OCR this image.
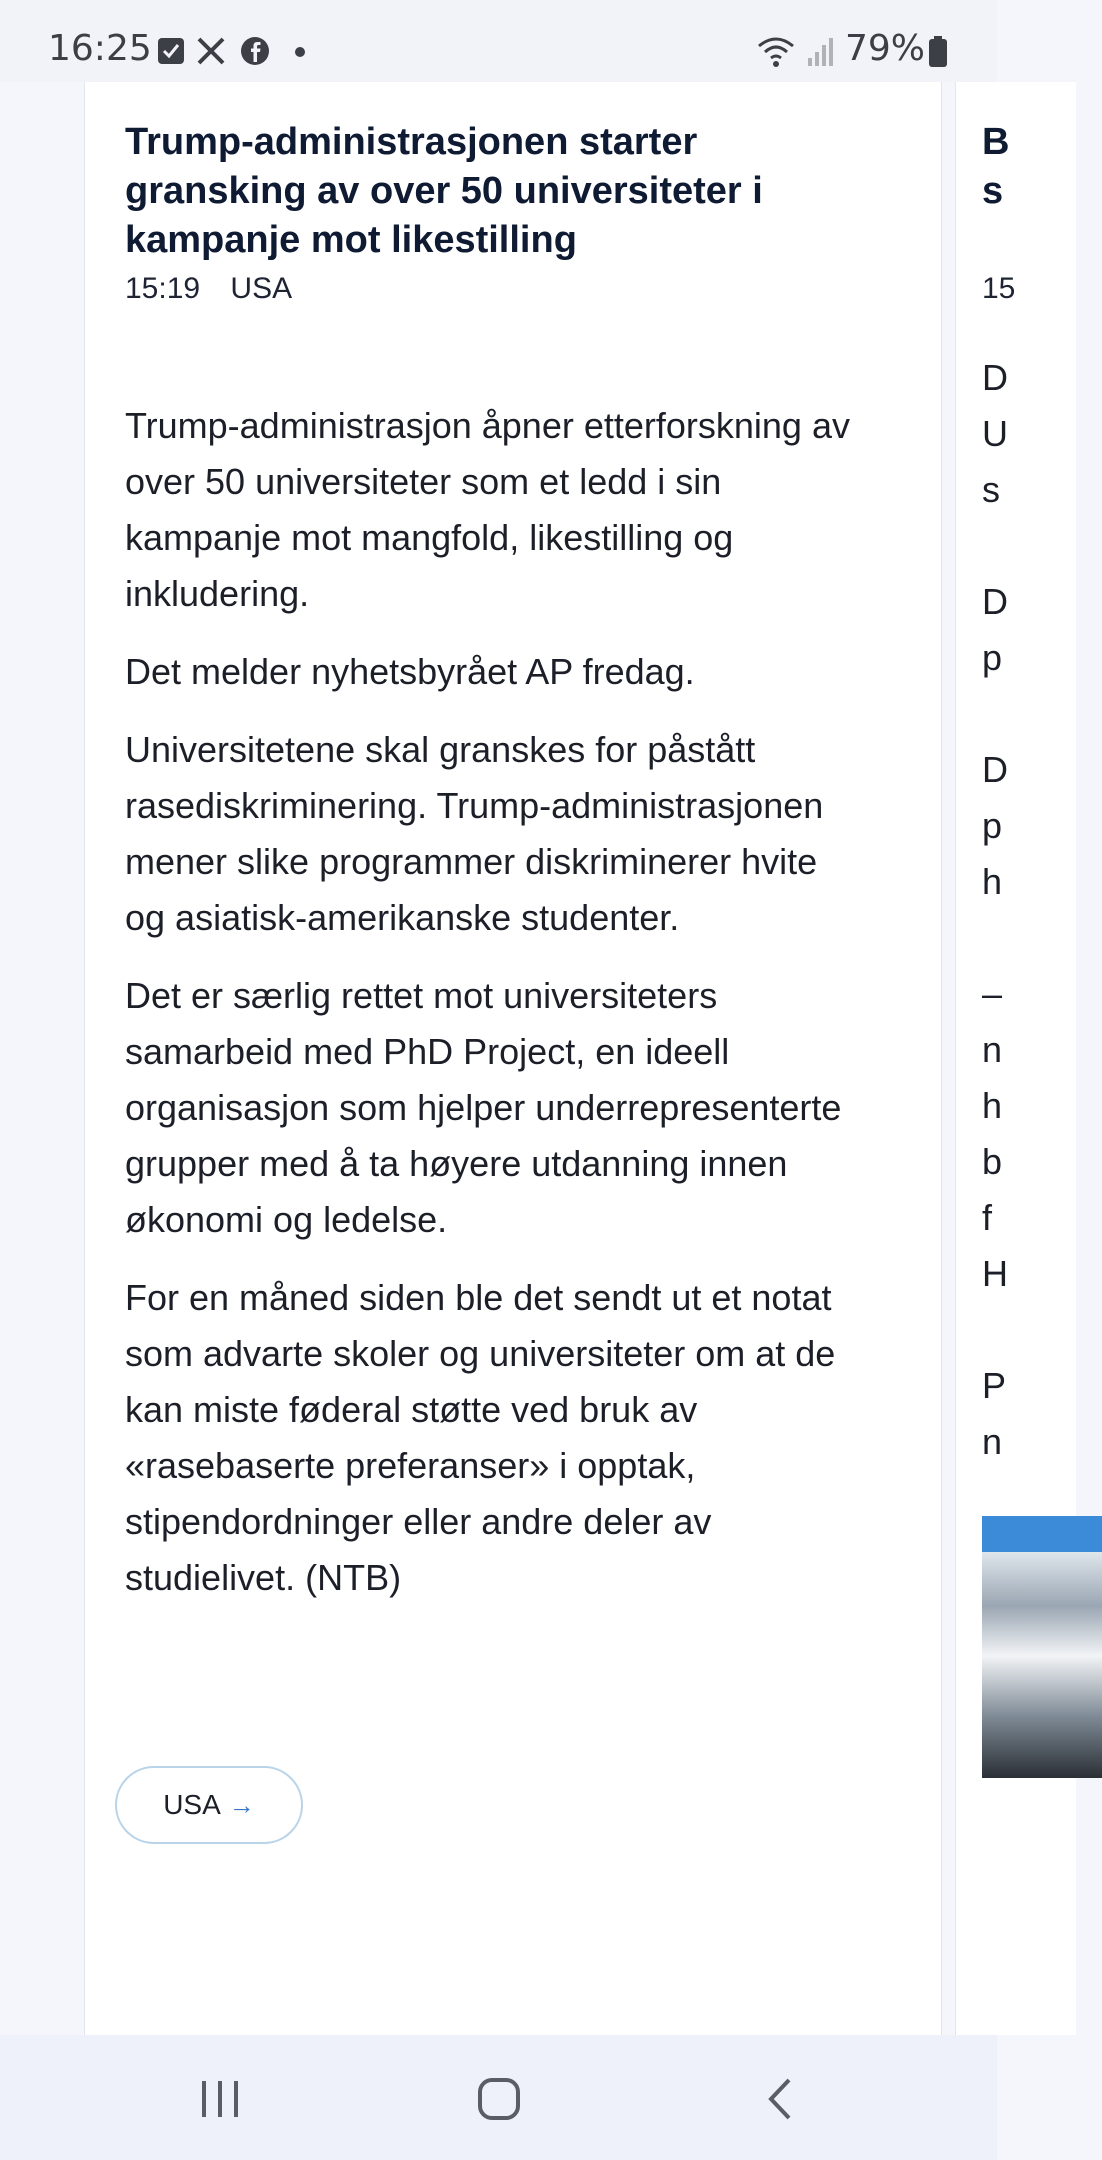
16:25	79%
Trump-administrasjonen starter gransking av over 50 universiteter i kampanje mot likestilling
15:19 USA

Trump-administrasjon åpner etterforskning av over 50 universiteter som et ledd i sin kampanje mot mangfold, likestilling og inkludering.

Det melder nyhetsbyrået AP fredag.

Universitetene skal granskes for påstått rasediskriminering. Trump-administrasjonen mener slike programmer diskriminerer hvite og asiatisk-amerikanske studenter.

Det er særlig rettet mot universiteters samarbeid med PhD Project, en ideell organisasjon som hjelper underrepresenterte grupper med å ta høyere utdanning innen økonomi og ledelse.

For en måned siden ble det sendt ut et notat som advarte skoler og universiteter om at de kan miste føderal støtte ved bruk av «rasebaserte preferanser» i opptak, stipendordninger eller andre deler av studielivet. (NTB)

USA →
B
s
15
D
U
s
D
p
D
p
h
–
n
h
b
f
H
P
n
